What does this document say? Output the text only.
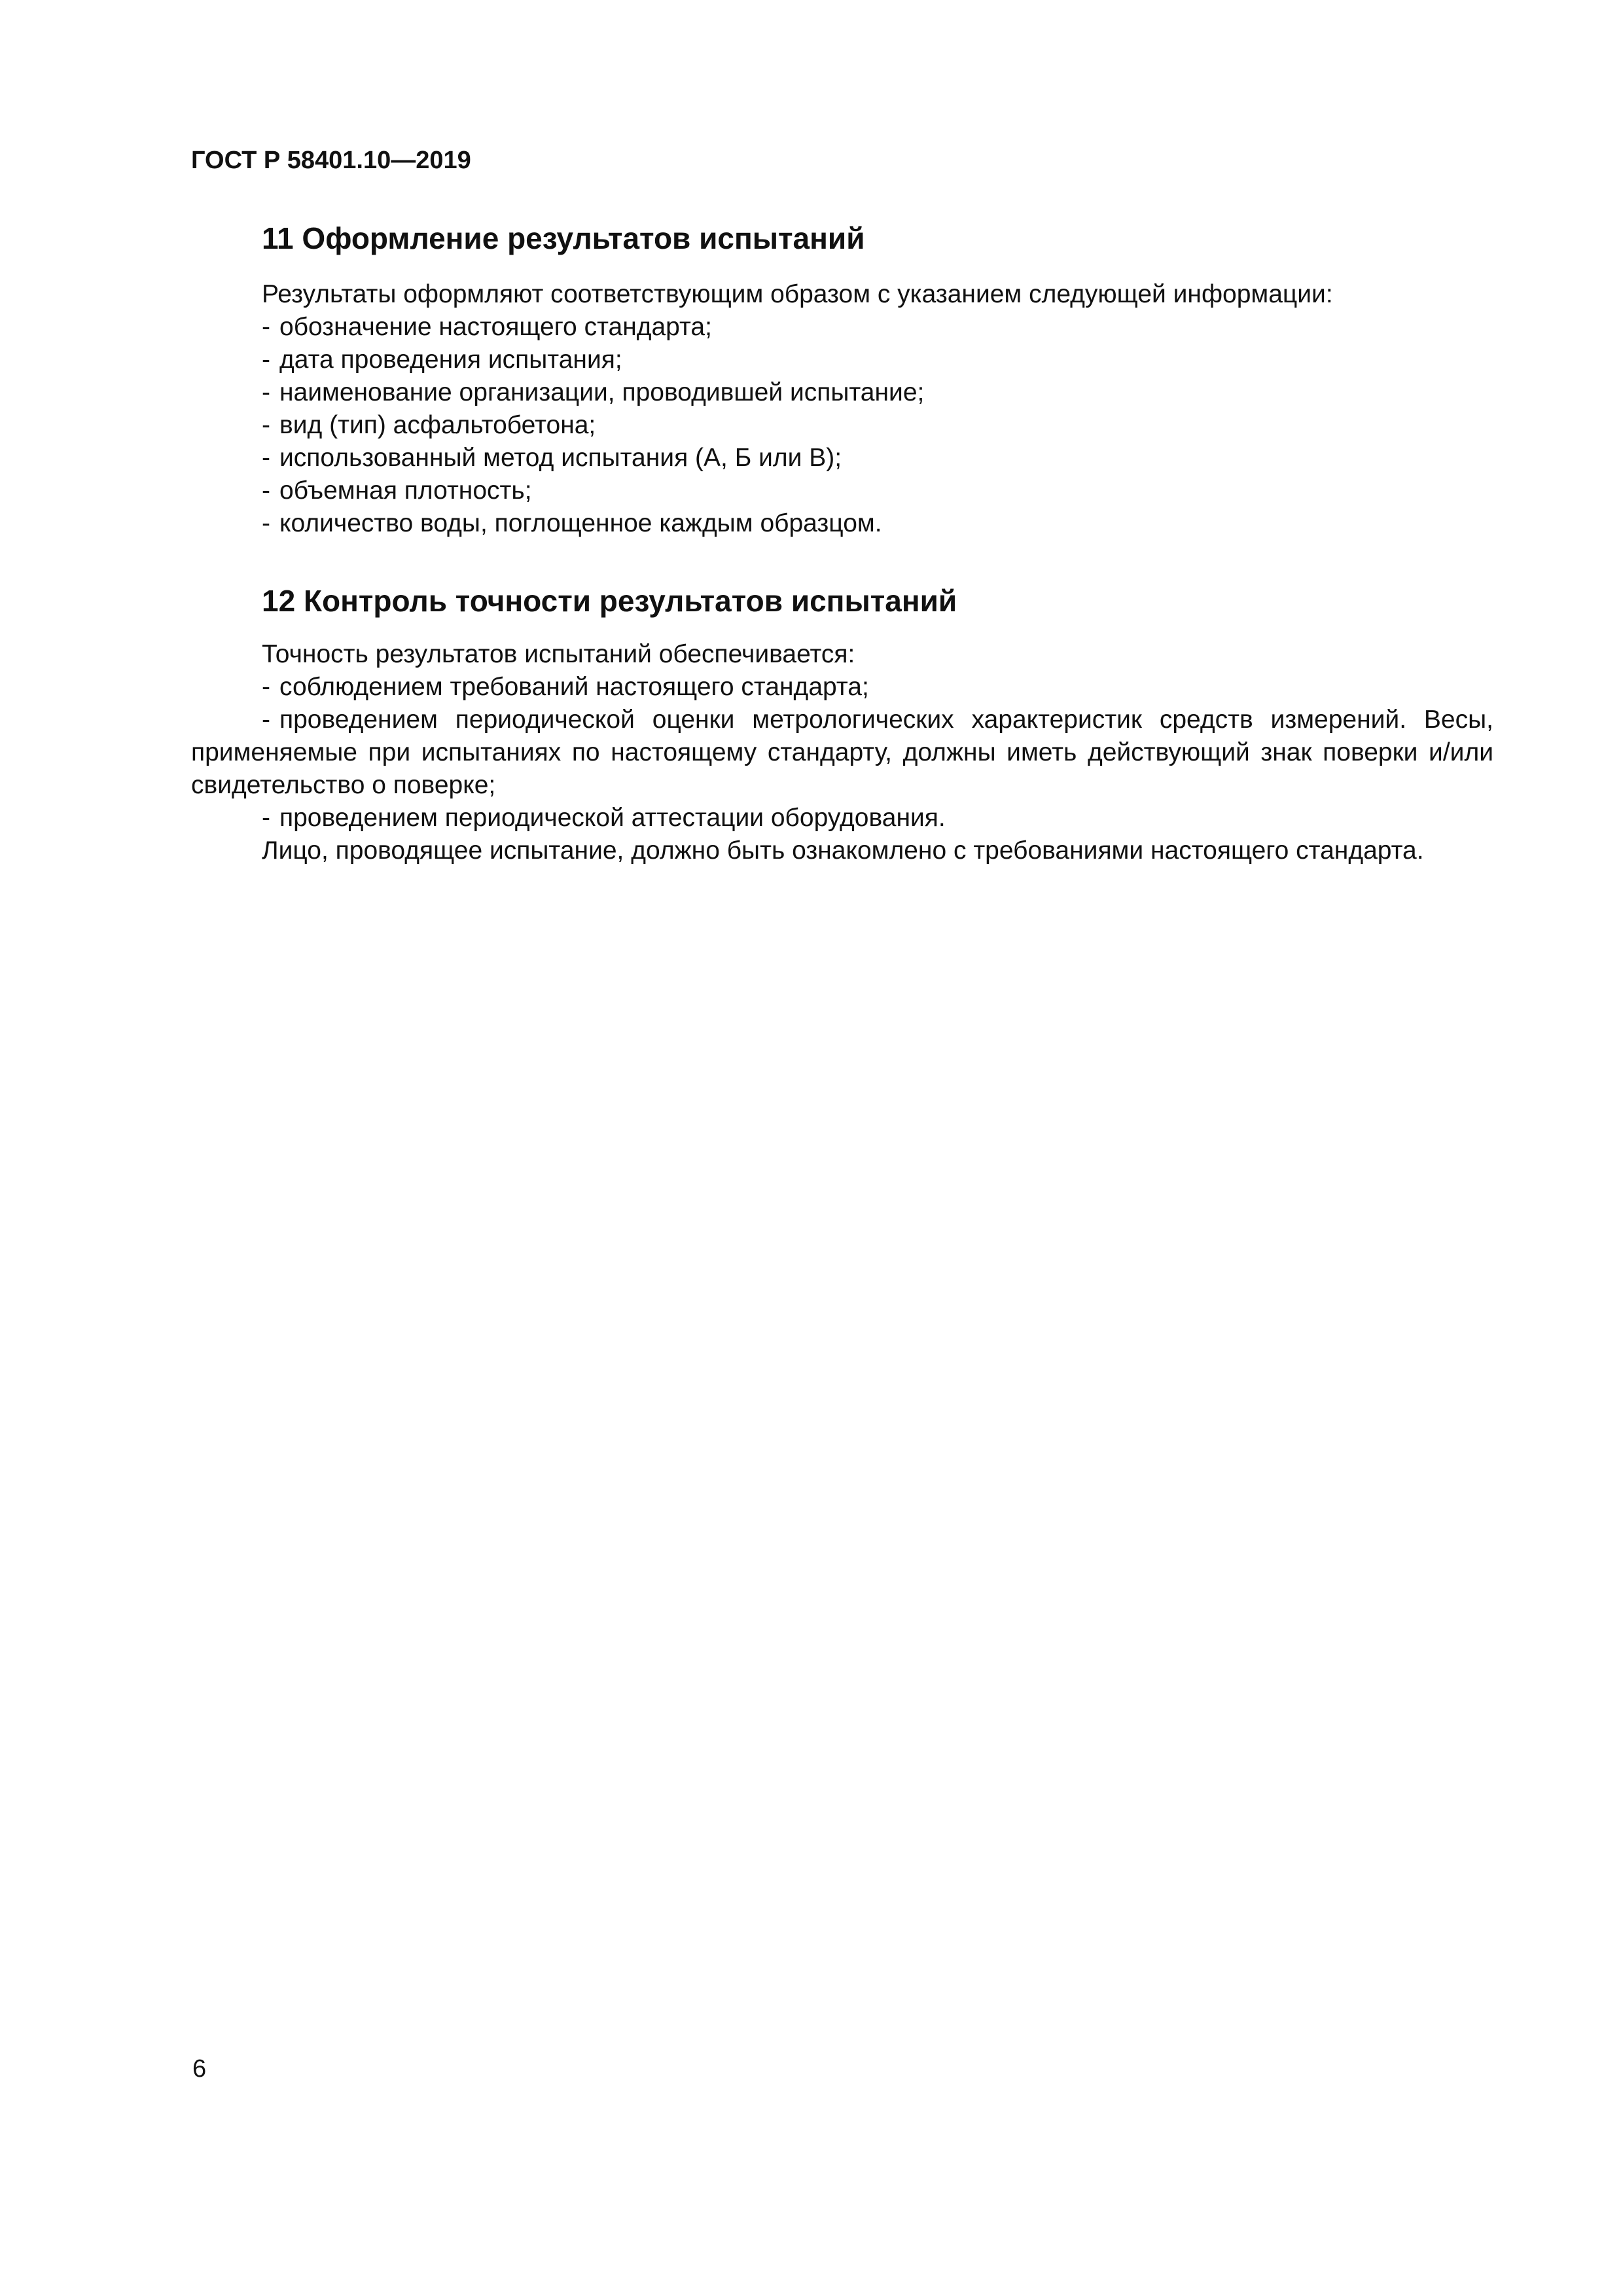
ГОСТ Р 58401.10—2019
11 Оформление результатов испытаний

Результаты оформляют соответствующим образом с указанием следующей информации:

- обозначение настоящего стандарта;

- дата проведения испытания;

- наименование организации, проводившей испытание;

- вид (тип) асфальтобетона;

- использованный метод испытания (А, Б или В);

- объемная плотность;

- количество воды, поглощенное каждым образцом.

12 Контроль точности результатов испытаний

Точность результатов испытаний обеспечивается:

- соблюдением требований настоящего стандарта;

- проведением периодической оценки метрологических характеристик средств измерений. Весы, применяемые при испытаниях по настоящему стандарту, должны иметь действующий знак поверки и/или свидетельство о поверке;

- проведением периодической аттестации оборудования.

Лицо, проводящее испытание, должно быть ознакомлено с требованиями настоящего стандарта.

6
